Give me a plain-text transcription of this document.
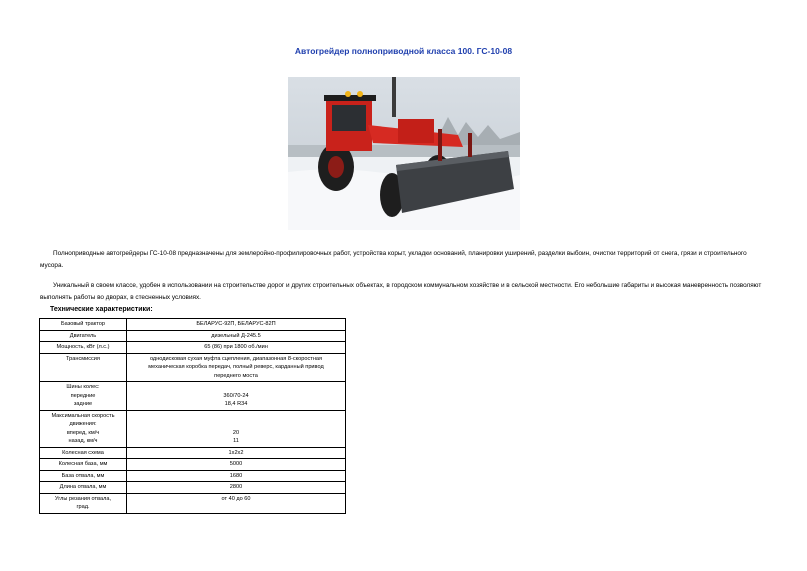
Автогрейдер полноприводной класса 100. ГС-10-08

Полноприводные автогрейдеры ГС-10-08 предназначены для землеройно-профилировочных работ, устройства корыт, укладки оснований, планировки уширений, разделки выбоин, очистки территорий от снега, грязи и строительного мусора.

Уникальный в своем классе, удобен в использовании на строительстве дорог и других строительных объектах, в городском коммунальном хозяйстве и в сельской местности. Его небольшие габариты и высокая маневренность позволяют выполнять работы во дворах, в стесненных условиях.

Технические характеристики:
Базовый трактор	БЕЛАРУС-92П, БЕЛАРУС-82П

Двигатель	дизельный Д-245.5

Мощность, кВт (л.с.)	65 (86) при 1800 об./мин

Трансмиссия	однодисковая сухая муфта сцепления, диапазонная 8-скоростная
механическая коробка передач, полный реверс, карданный привод
переднего моста

Шины колес:
передние
задние	360/70-24
18,4 R34

Максимальная скорость
движения:
вперед, км/ч
назад, км/ч	20
11

Колесная схема	1х2х2

Колесная база, мм	5000

База отвала, мм	1680

Длина отвала, мм	2800

Углы резания отвала,
град.	от 40 до 60
